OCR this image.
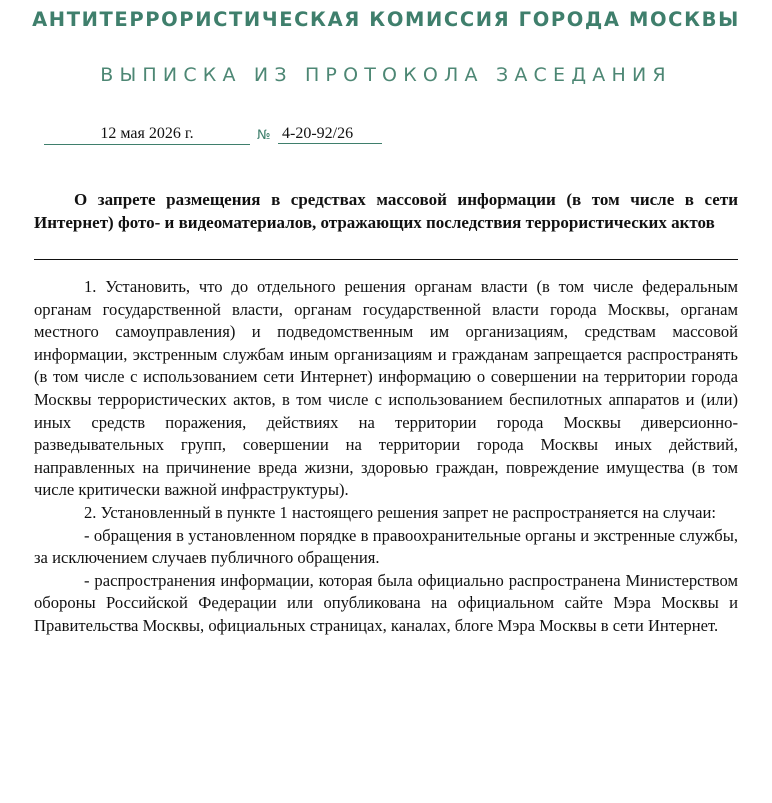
АНТИТЕРРОРИСТИЧЕСКАЯ КОМИССИЯ ГОРОДА МОСКВЫ
ВЫПИСКА ИЗ ПРОТОКОЛА ЗАСЕДАНИЯ
12 мая 2026 г.	№ 4-20-92/26
О запрете размещения в средствах массовой информации (в том числе в сети Интернет) фото- и видеоматериалов, отражающих последствия террористических актов

1. Установить, что до отдельного решения органам власти (в том числе федеральным органам государственной власти, органам государственной власти города Москвы, органам местного самоуправления) и подведомственным им организациям, средствам массовой информации, экстренным службам иным организациям и гражданам запрещается распространять (в том числе с использованием сети Интернет) информацию о совершении на территории города Москвы террористических актов, в том числе с использованием беспилотных аппаратов и (или) иных средств поражения, действиях на территории города Москвы диверсионно-разведывательных групп, совершении на территории города Москвы иных действий, направленных на причинение вреда жизни, здоровью граждан, повреждение имущества (в том числе критически важной инфраструктуры).

2. Установленный в пункте 1 настоящего решения запрет не распространяется на случаи:

- обращения в установленном порядке в правоохранительные органы и экстренные службы, за исключением случаев публичного обращения.

- распространения информации, которая была официально распространена Министерством обороны Российской Федерации или опубликована на официальном сайте Мэра Москвы и Правительства Москвы, официальных страницах, каналах, блоге Мэра Москвы в сети Интернет.
